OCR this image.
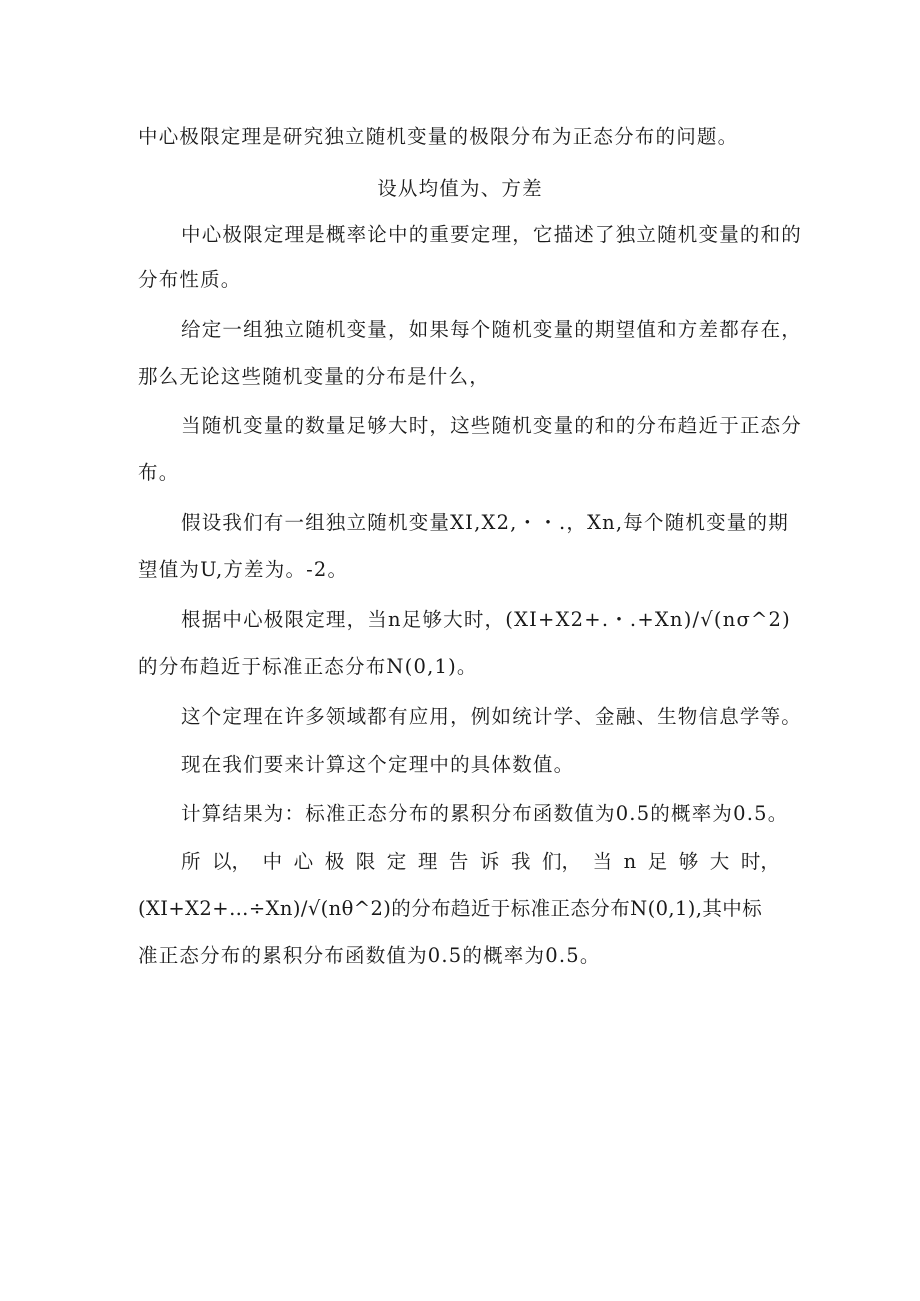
中心极限定理是研究独立随机变量的极限分布为正态分布的问题。
设从均值为、方差
中心极限定理是概率论中的重要定理，它描述了独立随机变量的和的
分布性质。
给定一组独立随机变量，如果每个随机变量的期望值和方差都存在，
那么无论这些随机变量的分布是什么，
当随机变量的数量足够大时，这些随机变量的和的分布趋近于正态分
布。
假设我们有一组独立随机变量XI,X2,・・.，Xn,每个随机变量的期
望值为U,方差为。-2。
根据中心极限定理，当n足够大时，(XI+X2+.・.+Xn)/√(nσ^2)
的分布趋近于标准正态分布N(0,1)。
这个定理在许多领域都有应用，例如统计学、金融、生物信息学等。
现在我们要来计算这个定理中的具体数值。
计算结果为：标准正态分布的累积分布函数值为0.5的概率为0.5。
所 以， 中 心 极 限 定 理 告 诉 我 们， 当 n 足 够 大 时，
(XI+X2+…÷Xn)/√(nθ^2)的分布趋近于标准正态分布N(0,1),其中标
准正态分布的累积分布函数值为0.5的概率为0.5。
